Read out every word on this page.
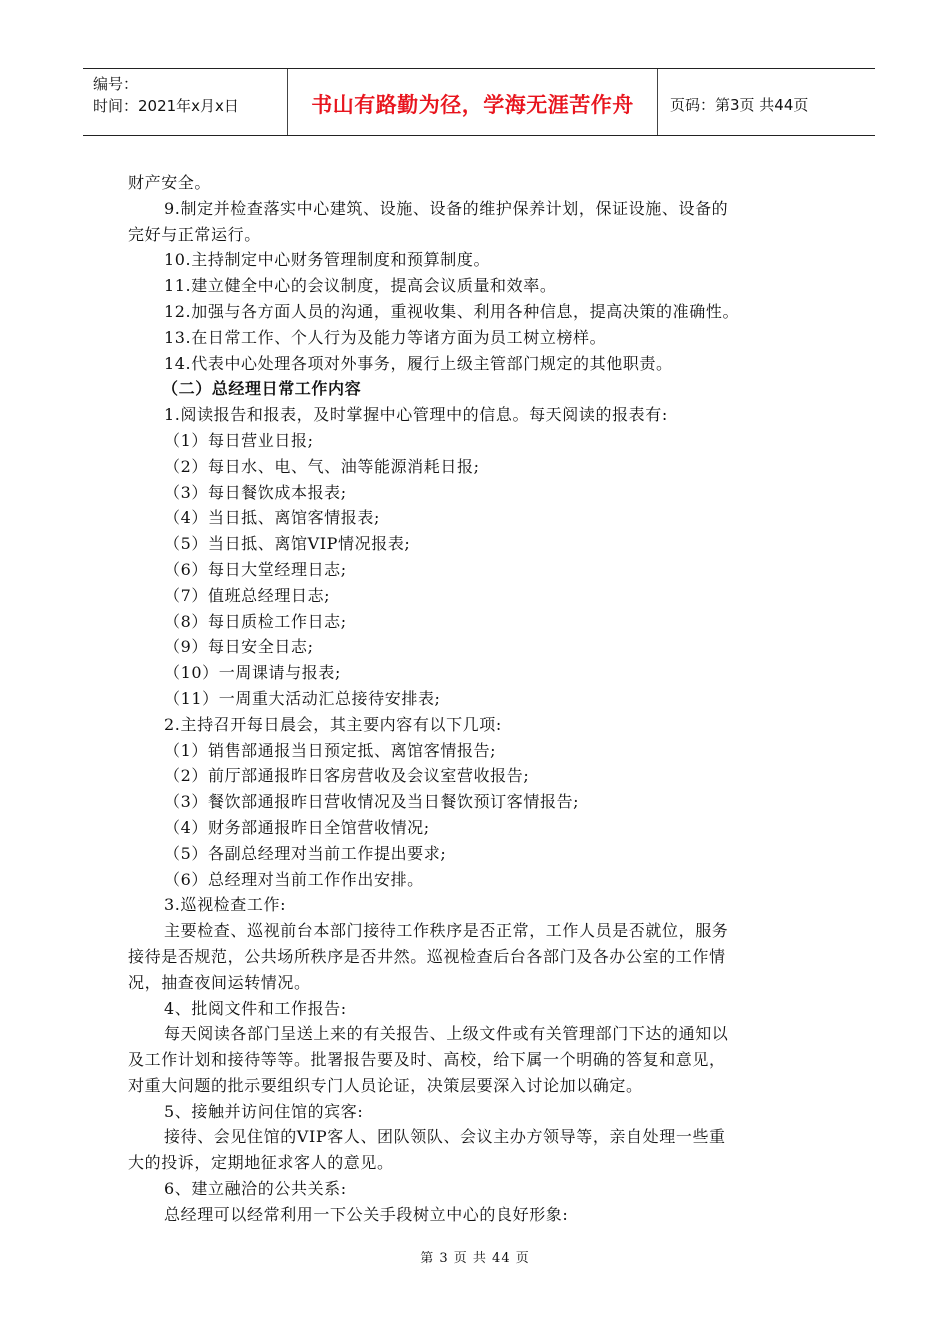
编号：
时间：2021年x月x日	书山有路勤为径，学海无涯苦作舟 页码：第3页 共44页
财产安全。
9.制定并检查落实中心建筑、设施、设备的维护保养计划，保证设施、设备的
完好与正常运行。
10.主持制定中心财务管理制度和预算制度。
11.建立健全中心的会议制度，提高会议质量和效率。
12.加强与各方面人员的沟通，重视收集、利用各种信息，提高决策的准确性。
13.在日常工作、个人行为及能力等诸方面为员工树立榜样。
14.代表中心处理各项对外事务，履行上级主管部门规定的其他职责。
（二）总经理日常工作内容
1.阅读报告和报表，及时掌握中心管理中的信息。每天阅读的报表有:
（1）每日营业日报;
（2）每日水、电、气、油等能源消耗日报;
（3）每日餐饮成本报表;
（4）当日抵、离馆客情报表;
（5）当日抵、离馆VIP情况报表;
（6）每日大堂经理日志;
（7）值班总经理日志;
（8）每日质检工作日志;
（9）每日安全日志;
（10）一周课请与报表;
（11）一周重大活动汇总接待安排表;
2.主持召开每日晨会，其主要内容有以下几项:
（1）销售部通报当日预定抵、离馆客情报告;
（2）前厅部通报昨日客房营收及会议室营收报告;
（3）餐饮部通报昨日营收情况及当日餐饮预订客情报告;
（4）财务部通报昨日全馆营收情况;
（5）各副总经理对当前工作提出要求;
（6）总经理对当前工作作出安排。
3.巡视检查工作:
主要检查、巡视前台本部门接待工作秩序是否正常，工作人员是否就位，服务
接待是否规范，公共场所秩序是否井然。巡视检查后台各部门及各办公室的工作情
况，抽查夜间运转情况。
4、批阅文件和工作报告:
每天阅读各部门呈送上来的有关报告、上级文件或有关管理部门下达的通知以
及工作计划和接待等等。批署报告要及时、高校，给下属一个明确的答复和意见，
对重大问题的批示要组织专门人员论证，决策层要深入讨论加以确定。
5、接触并访问住馆的宾客:
接待、会见住馆的VIP客人、团队领队、会议主办方领导等，亲自处理一些重
大的投诉，定期地征求客人的意见。
6、建立融洽的公共关系:
总经理可以经常利用一下公关手段树立中心的良好形象:
第 3 页 共 44 页
